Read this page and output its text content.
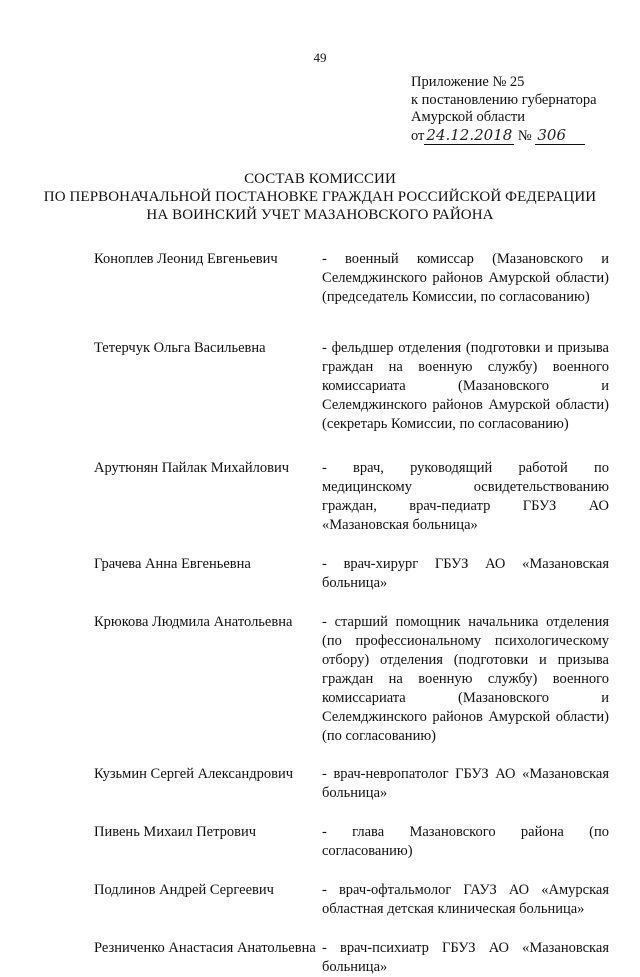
49
Приложение № 25
к постановлению губернатора
Амурской области
от 24.12.2018 № 306
СОСТАВ КОМИССИИ
ПО ПЕРВОНАЧАЛЬНОЙ ПОСТАНОВКЕ ГРАЖДАН РОССИЙСКОЙ ФЕДЕРАЦИИ
НА ВОИНСКИЙ УЧЕТ МАЗАНОВСКОГО РАЙОНА
Коноплев Леонид Евгеньевич	- военный комиссар (Мазановского и Селемджинского районов Амурской области) (председатель Комиссии, по согласованию)
Тетерчук Ольга Васильевна	- фельдшер отделения (подготовки и призыва граждан на военную службу) военного комиссариата (Мазановского и Селемджинского районов Амурской области) (секретарь Комиссии, по согласованию)
Арутюнян Пайлак Михайлович	- врач, руководящий работой по медицинскому освидетельствованию граждан, врач-педиатр ГБУЗ АО «Мазановская больница»
Грачева Анна Евгеньевна	- врач-хирург ГБУЗ АО «Мазановская больница»
Крюкова Людмила Анатольевна	- старший помощник начальника отделения (по профессиональному психологическому отбору) отделения (подготовки и призыва граждан на военную службу) военного комиссариата (Мазановского и Селемджинского районов Амурской области) (по согласованию)
Кузьмин Сергей Александрович	- врач-невропатолог ГБУЗ АО «Мазановская больница»
Пивень Михаил Петрович	- глава Мазановского района (по согласованию)
Подлинов Андрей Сергеевич	- врач-офтальмолог ГАУЗ АО «Амурская областная детская клиническая больница»
Резниченко Анастасия Анатольевна - врач-психиатр ГБУЗ АО «Мазановская больница»
